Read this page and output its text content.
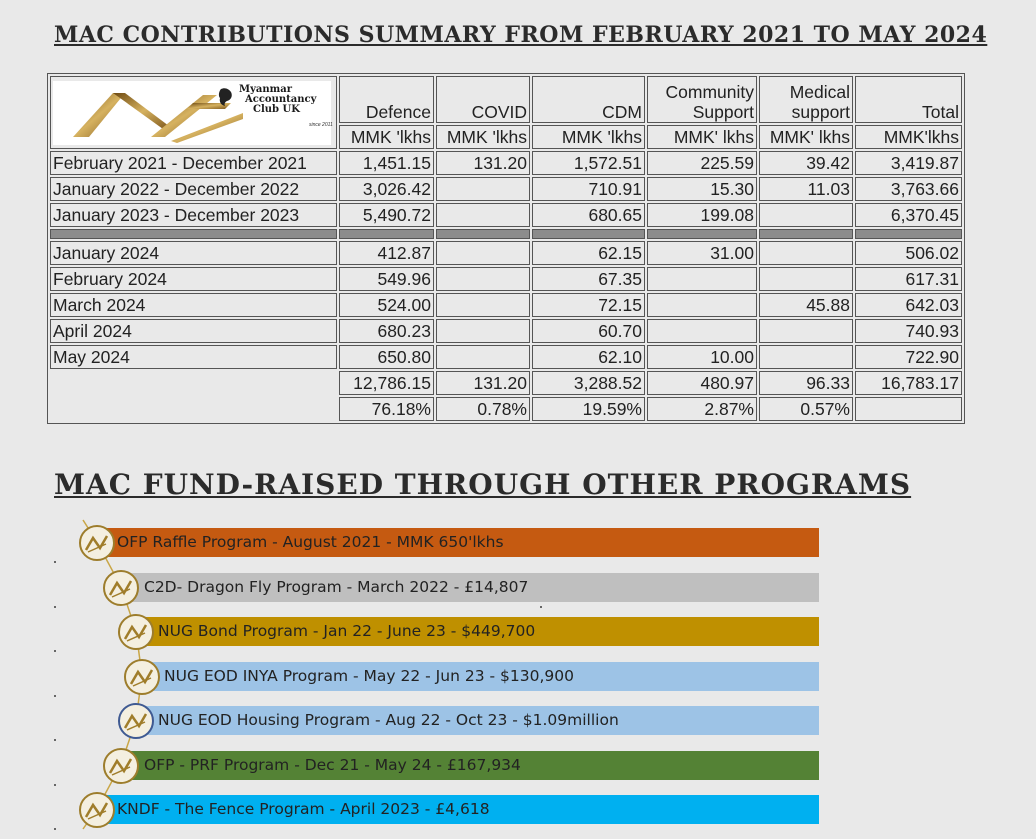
MAC CONTRIBUTIONS SUMMARY FROM FEBRUARY 2021 TO MAY 2024
Myanmar
Accountancy
Club UK
since 2011	Defence	COVID	CDM	Community Support	Medical support	Total
	MMK 'lkhs	MMK 'lkhs	MMK 'lkhs	MMK' lkhs	MMK' lkhs	MMK'lkhs
February 2021 - December 2021	1,451.15	131.20	1,572.51	225.59	39.42	3,419.87
January 2022 - December 2022	3,026.42		710.91	15.30	11.03	3,763.66
January 2023 - December 2023	5,490.72		680.65	199.08		6,370.45

January 2024	412.87		62.15	31.00		506.02
February 2024	549.96		67.35			617.31
March 2024	524.00		72.15		45.88	642.03
April 2024	680.23		60.70			740.93
May 2024	650.80		62.10	10.00		722.90
	12,786.15	131.20	3,288.52	480.97	96.33	16,783.17
	76.18%	0.78%	19.59%	2.87%	0.57%	
MAC FUND-RAISED THROUGH OTHER PROGRAMS
OFP Raffle Program - August 2021 - MMK 650'lkhs
C2D- Dragon Fly Program - March 2022 - £14,807
NUG Bond Program - Jan 22 - June 23 - $449,700
NUG EOD INYA Program - May 22 - Jun 23 - $130,900
NUG EOD Housing Program - Aug 22 - Oct 23 - $1.09million
OFP - PRF Program - Dec 21 - May 24 - £167,934
KNDF - The Fence Program - April 2023 - £4,618
